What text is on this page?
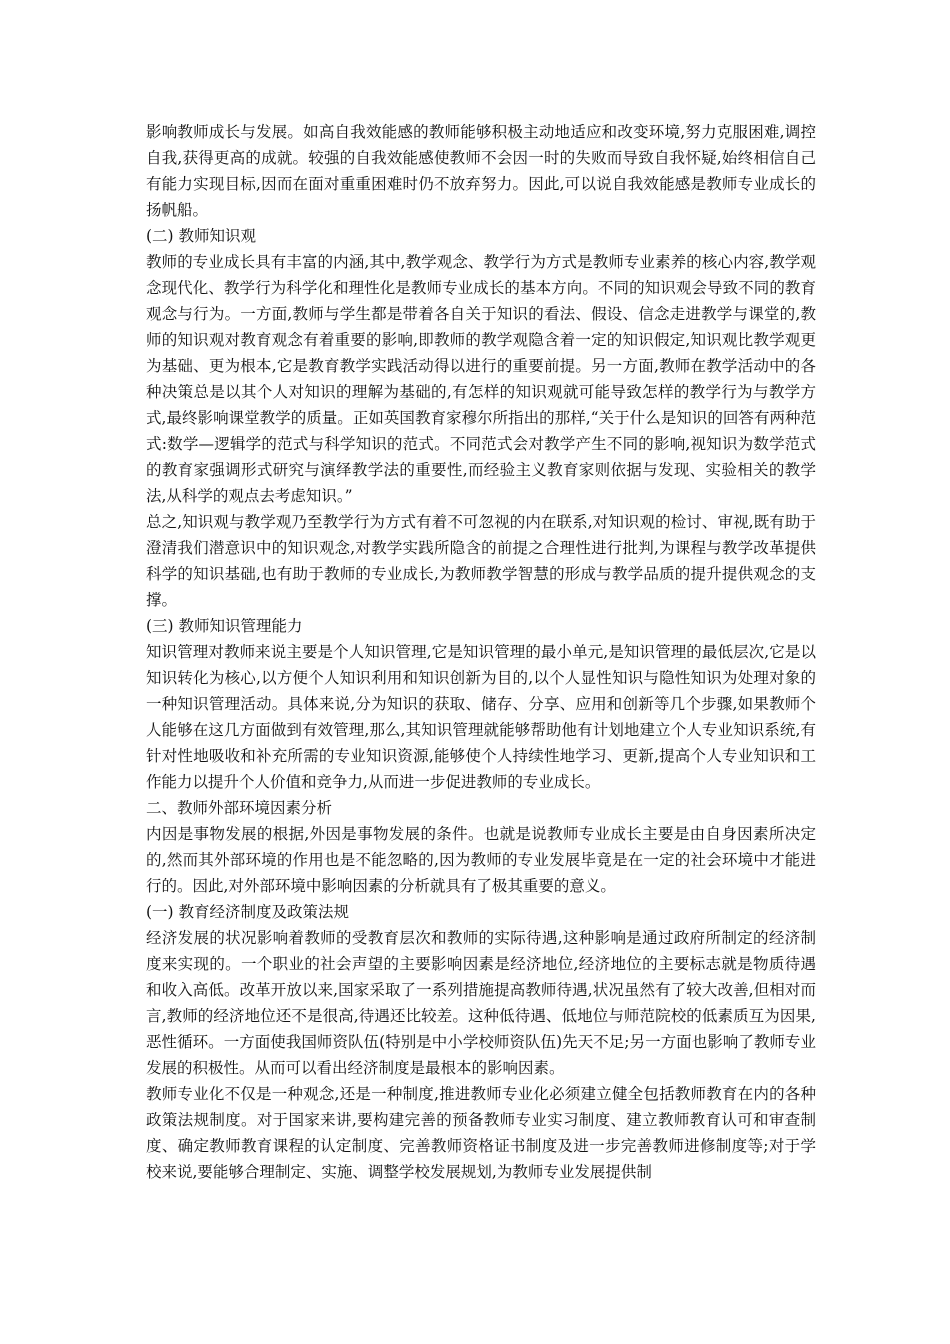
影响教师成长与发展。如高自我效能感的教师能够积极主动地适应和改变环境,努力克服困难,调控自我,获得更高的成就。较强的自我效能感使教师不会因一时的失败而导致自我怀疑,始终相信自己有能力实现目标,因而在面对重重困难时仍不放弃努力。因此,可以说自我效能感是教师专业成长的扬帆船。

(二) 教师知识观

教师的专业成长具有丰富的内涵,其中,教学观念、教学行为方式是教师专业素养的核心内容,教学观念现代化、教学行为科学化和理性化是教师专业成长的基本方向。不同的知识观会导致不同的教育观念与行为。一方面,教师与学生都是带着各自关于知识的看法、假设、信念走进教学与课堂的,教师的知识观对教育观念有着重要的影响,即教师的教学观隐含着一定的知识假定,知识观比教学观更为基础、更为根本,它是教育教学实践活动得以进行的重要前提。另一方面,教师在教学活动中的各种决策总是以其个人对知识的理解为基础的,有怎样的知识观就可能导致怎样的教学行为与教学方式,最终影响课堂教学的质量。正如英国教育家穆尔所指出的那样,“关于什么是知识的回答有两种范式:数学—逻辑学的范式与科学知识的范式。不同范式会对教学产生不同的影响,视知识为数学范式的教育家强调形式研究与演绎教学法的重要性,而经验主义教育家则依据与发现、实验相关的教学法,从科学的观点去考虑知识。”

总之,知识观与教学观乃至教学行为方式有着不可忽视的内在联系,对知识观的检讨、审视,既有助于澄清我们潜意识中的知识观念,对教学实践所隐含的前提之合理性进行批判,为课程与教学改革提供科学的知识基础,也有助于教师的专业成长,为教师教学智慧的形成与教学品质的提升提供观念的支撑。

(三) 教师知识管理能力

知识管理对教师来说主要是个人知识管理,它是知识管理的最小单元,是知识管理的最低层次,它是以知识转化为核心,以方便个人知识利用和知识创新为目的,以个人显性知识与隐性知识为处理对象的一种知识管理活动。具体来说,分为知识的获取、储存、分享、应用和创新等几个步骤,如果教师个人能够在这几方面做到有效管理,那么,其知识管理就能够帮助他有计划地建立个人专业知识系统,有针对性地吸收和补充所需的专业知识资源,能够使个人持续性地学习、更新,提高个人专业知识和工作能力以提升个人价值和竞争力,从而进一步促进教师的专业成长。

二、教师外部环境因素分析

内因是事物发展的根据,外因是事物发展的条件。也就是说教师专业成长主要是由自身因素所决定的,然而其外部环境的作用也是不能忽略的,因为教师的专业发展毕竟是在一定的社会环境中才能进行的。因此,对外部环境中影响因素的分析就具有了极其重要的意义。

(一) 教育经济制度及政策法规

经济发展的状况影响着教师的受教育层次和教师的实际待遇,这种影响是通过政府所制定的经济制度来实现的。一个职业的社会声望的主要影响因素是经济地位,经济地位的主要标志就是物质待遇和收入高低。改革开放以来,国家采取了一系列措施提高教师待遇,状况虽然有了较大改善,但相对而言,教师的经济地位还不是很高,待遇还比较差。这种低待遇、低地位与师范院校的低素质互为因果,恶性循环。一方面使我国师资队伍(特别是中小学校师资队伍)先天不足;另一方面也影响了教师专业发展的积极性。从而可以看出经济制度是最根本的影响因素。

教师专业化不仅是一种观念,还是一种制度,推进教师专业化必须建立健全包括教师教育在内的各种政策法规制度。对于国家来讲,要构建完善的预备教师专业实习制度、建立教师教育认可和审查制度、确定教师教育课程的认定制度、完善教师资格证书制度及进一步完善教师进修制度等;对于学校来说,要能够合理制定、实施、调整学校发展规划,为教师专业发展提供制
